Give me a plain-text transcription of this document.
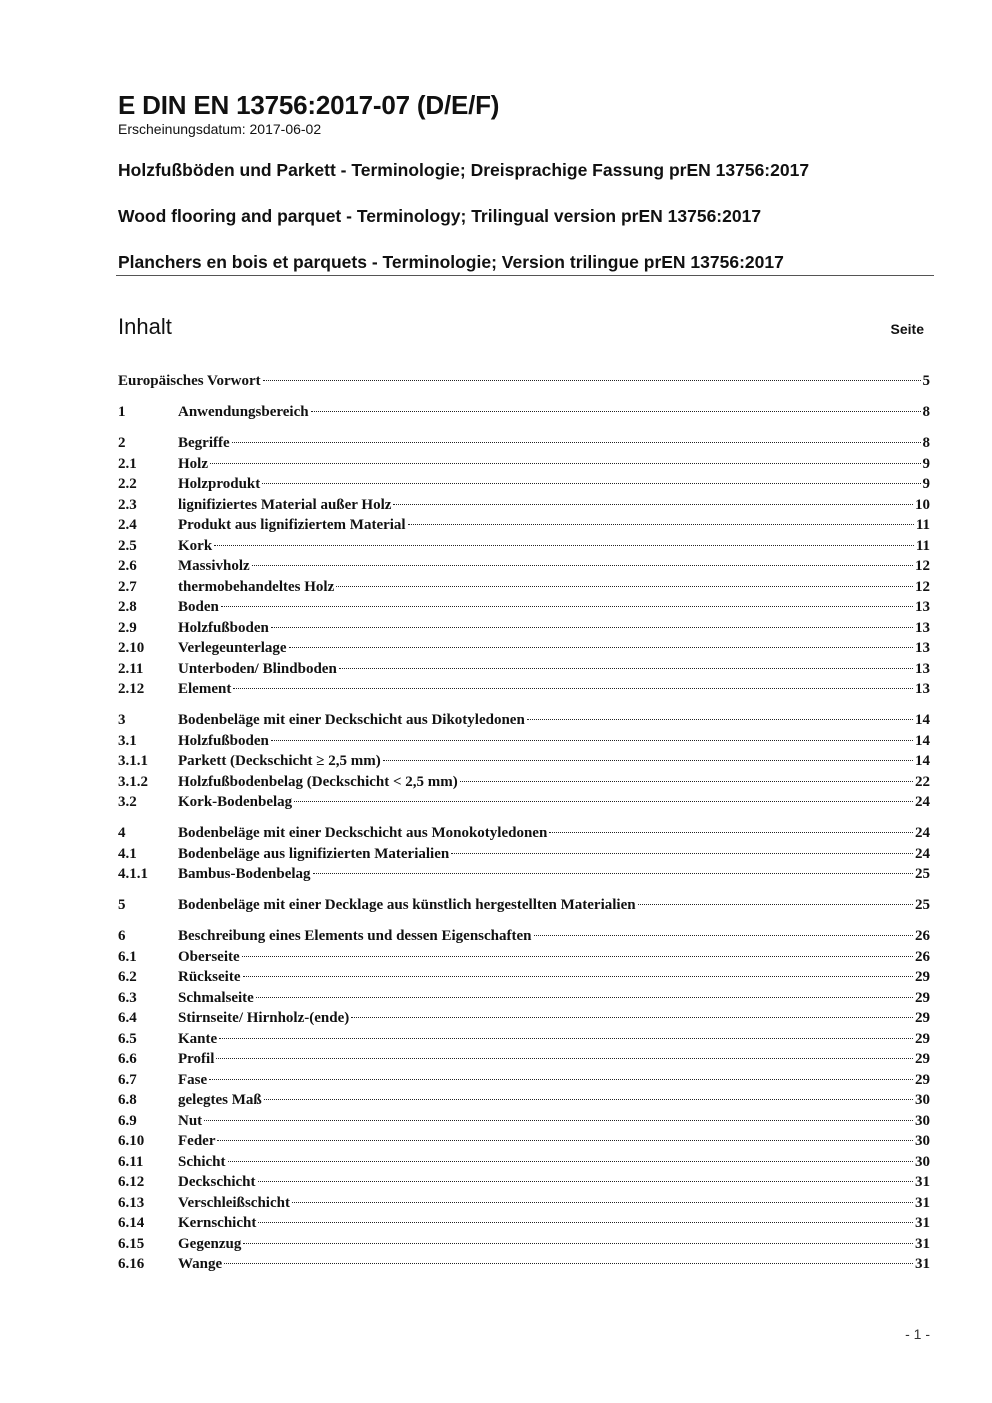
E DIN EN 13756:2017-07 (D/E/F)
Erscheinungsdatum: 2017-06-02
Holzfußböden und Parkett - Terminologie; Dreisprachige Fassung prEN 13756:2017
Wood flooring and parquet - Terminology; Trilingual version prEN 13756:2017
Planchers en bois et parquets - Terminologie; Version trilingue prEN 13756:2017
Inhalt	Seite
Europäisches Vorwort	5
1	Anwendungsbereich	8
2	Begriffe	8
2.1	Holz	9
2.2	Holzprodukt	9
2.3	lignifiziertes Material außer Holz	10
2.4	Produkt aus lignifiziertem Material	11
2.5	Kork	11
2.6	Massivholz	12
2.7	thermobehandeltes Holz	12
2.8	Boden	13
2.9	Holzfußboden	13
2.10	Verlegeunterlage	13
2.11	Unterboden/ Blindboden	13
2.12	Element	13
3	Bodenbeläge mit einer Deckschicht aus Dikotyledonen	14
3.1	Holzfußboden	14
3.1.1	Parkett (Deckschicht ≥ 2,5 mm)	14
3.1.2	Holzfußbodenbelag (Deckschicht < 2,5 mm)	22
3.2	Kork-Bodenbelag	24
4	Bodenbeläge mit einer Deckschicht aus Monokotyledonen	24
4.1	Bodenbeläge aus lignifizierten Materialien	24
4.1.1	Bambus-Bodenbelag	25
5	Bodenbeläge mit einer Decklage aus künstlich hergestellten Materialien	25
6	Beschreibung eines Elements und dessen Eigenschaften	26
6.1	Oberseite	26
6.2	Rückseite	29
6.3	Schmalseite	29
6.4	Stirnseite/ Hirnholz-(ende)	29
6.5	Kante	29
6.6	Profil	29
6.7	Fase	29
6.8	gelegtes Maß	30
6.9	Nut	30
6.10	Feder	30
6.11	Schicht	30
6.12	Deckschicht	31
6.13	Verschleißschicht	31
6.14	Kernschicht	31
6.15	Gegenzug	31
6.16	Wange	31
- 1 -
